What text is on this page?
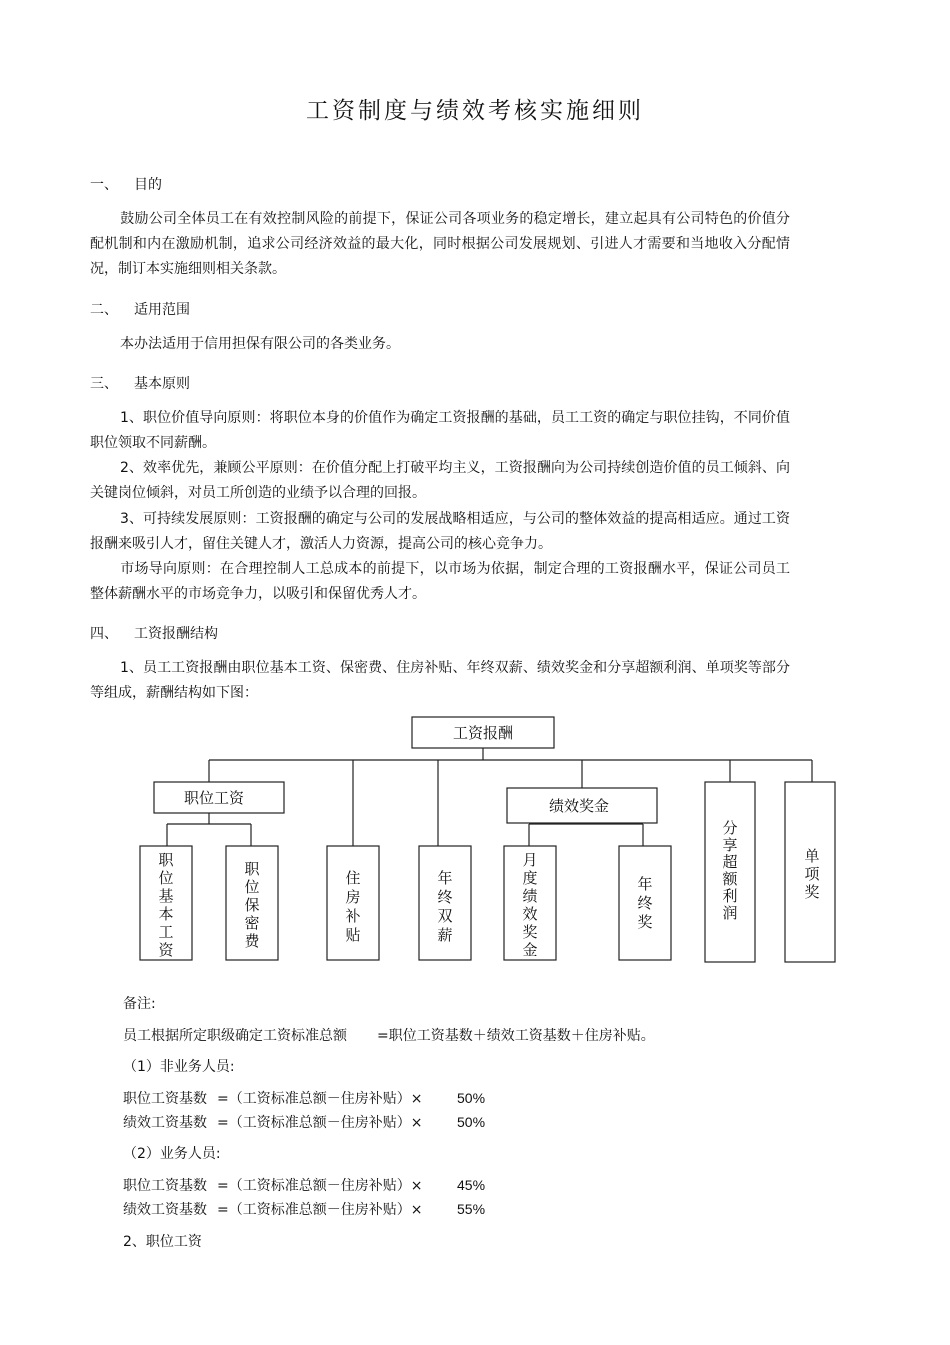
工资制度与绩效考核实施细则
一、 目的
鼓励公司全体员工在有效控制风险的前提下，保证公司各项业务的稳定增长，建立起具有公司特色的价值分配机制和内在激励机制，追求公司经济效益的最大化，同时根据公司发展规划、引进人才需要和当地收入分配情况，制订本实施细则相关条款。
二、 适用范围
本办法适用于信用担保有限公司的各类业务。
三、 基本原则
1、职位价值导向原则：将职位本身的价值作为确定工资报酬的基础，员工工资的确定与职位挂钩，不同价值职位领取不同薪酬。
2、效率优先，兼顾公平原则：在价值分配上打破平均主义，工资报酬向为公司持续创造价值的员工倾斜、向关键岗位倾斜，对员工所创造的业绩予以合理的回报。
3、可持续发展原则：工资报酬的确定与公司的发展战略相适应，与公司的整体效益的提高相适应。通过工资报酬来吸引人才，留住关键人才，激活人力资源，提高公司的核心竞争力。
市场导向原则：在合理控制人工总成本的前提下，以市场为依据，制定合理的工资报酬水平，保证公司员工整体薪酬水平的市场竞争力，以吸引和保留优秀人才。
四、 工资报酬结构
1、员工工资报酬由职位基本工资、保密费、住房补贴、年终双薪、绩效奖金和分享超额利润、单项奖等部分等组成，薪酬结构如下图：
工资报酬
职位工资	绩效奖金
职位基本工资
职位保密费
住房补贴
年终双薪
月度绩效奖金
年终奖
分享超额利润
单项奖
备注:
员工根据所定职级确定工资标准总额 =职位工资基数＋绩效工资基数＋住房补贴。
（1）非业务人员:
职位工资基数 =（工资标准总额－住房补贴）× 50%
绩效工资基数 =（工资标准总额－住房补贴）× 50%
（2）业务人员:
职位工资基数 =（工资标准总额－住房补贴）× 45%
绩效工资基数 =（工资标准总额－住房补贴）× 55%
2、职位工资
